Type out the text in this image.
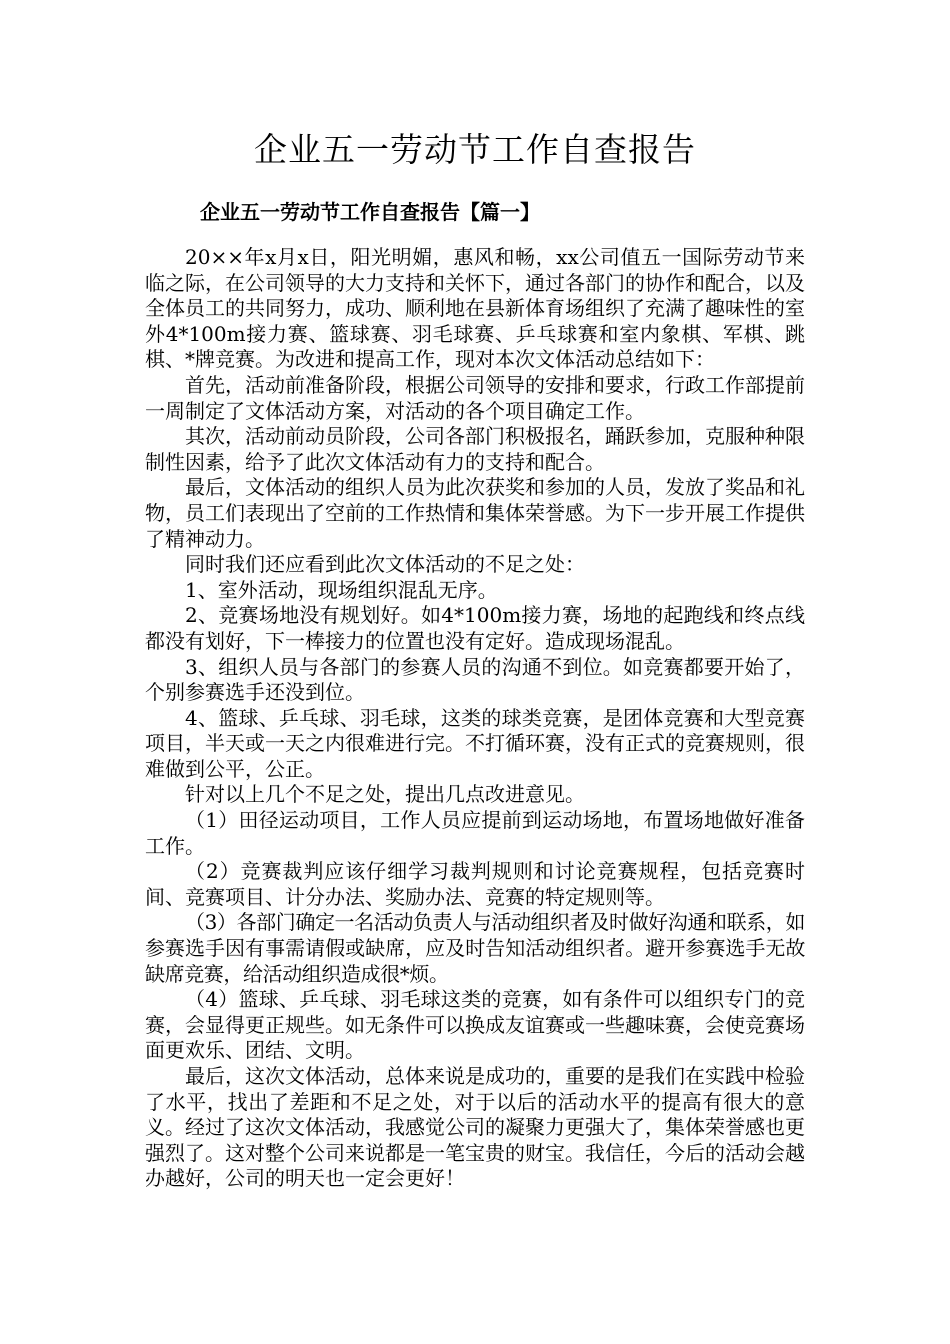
企业五一劳动节工作自查报告
企业五一劳动节工作自查报告【篇一】

20××年x月x日，阳光明媚，惠风和畅，xx公司值五一国际劳动节来临之际，在公司领导的大力支持和关怀下，通过各部门的协作和配合，以及全体员工的共同努力，成功、顺利地在县新体育场组织了充满了趣味性的室外4*100m接力赛、篮球赛、羽毛球赛、乒乓球赛和室内象棋、军棋、跳棋、*牌竞赛。为改进和提高工作，现对本次文体活动总结如下：

首先，活动前准备阶段，根据公司领导的安排和要求，行政工作部提前一周制定了文体活动方案，对活动的各个项目确定工作。

其次，活动前动员阶段，公司各部门积极报名，踊跃参加，克服种种限制性因素，给予了此次文体活动有力的支持和配合。

最后，文体活动的组织人员为此次获奖和参加的人员，发放了奖品和礼物，员工们表现出了空前的工作热情和集体荣誉感。为下一步开展工作提供了精神动力。

同时我们还应看到此次文体活动的不足之处：

1、室外活动，现场组织混乱无序。

2、竞赛场地没有规划好。如4*100m接力赛，场地的起跑线和终点线都没有划好，下一棒接力的位置也没有定好。造成现场混乱。

3、组织人员与各部门的参赛人员的沟通不到位。如竞赛都要开始了，个别参赛选手还没到位。

4、篮球、乒乓球、羽毛球，这类的球类竞赛，是团体竞赛和大型竞赛项目，半天或一天之内很难进行完。不打循环赛，没有正式的竞赛规则，很难做到公平，公正。

针对以上几个不足之处，提出几点改进意见。

（1）田径运动项目，工作人员应提前到运动场地，布置场地做好准备工作。

（2）竞赛裁判应该仔细学习裁判规则和讨论竞赛规程，包括竞赛时间、竞赛项目、计分办法、奖励办法、竞赛的特定规则等。

（3）各部门确定一名活动负责人与活动组织者及时做好沟通和联系，如参赛选手因有事需请假或缺席，应及时告知活动组织者。避开参赛选手无故缺席竞赛，给活动组织造成很*烦。

（4）篮球、乒乓球、羽毛球这类的竞赛，如有条件可以组织专门的竞赛，会显得更正规些。如无条件可以换成友谊赛或一些趣味赛，会使竞赛场面更欢乐、团结、文明。

最后，这次文体活动，总体来说是成功的，重要的是我们在实践中检验了水平，找出了差距和不足之处，对于以后的活动水平的提高有很大的意义。经过了这次文体活动，我感觉公司的凝聚力更强大了，集体荣誉感也更强烈了。这对整个公司来说都是一笔宝贵的财宝。我信任，今后的活动会越办越好，公司的明天也一定会更好！
